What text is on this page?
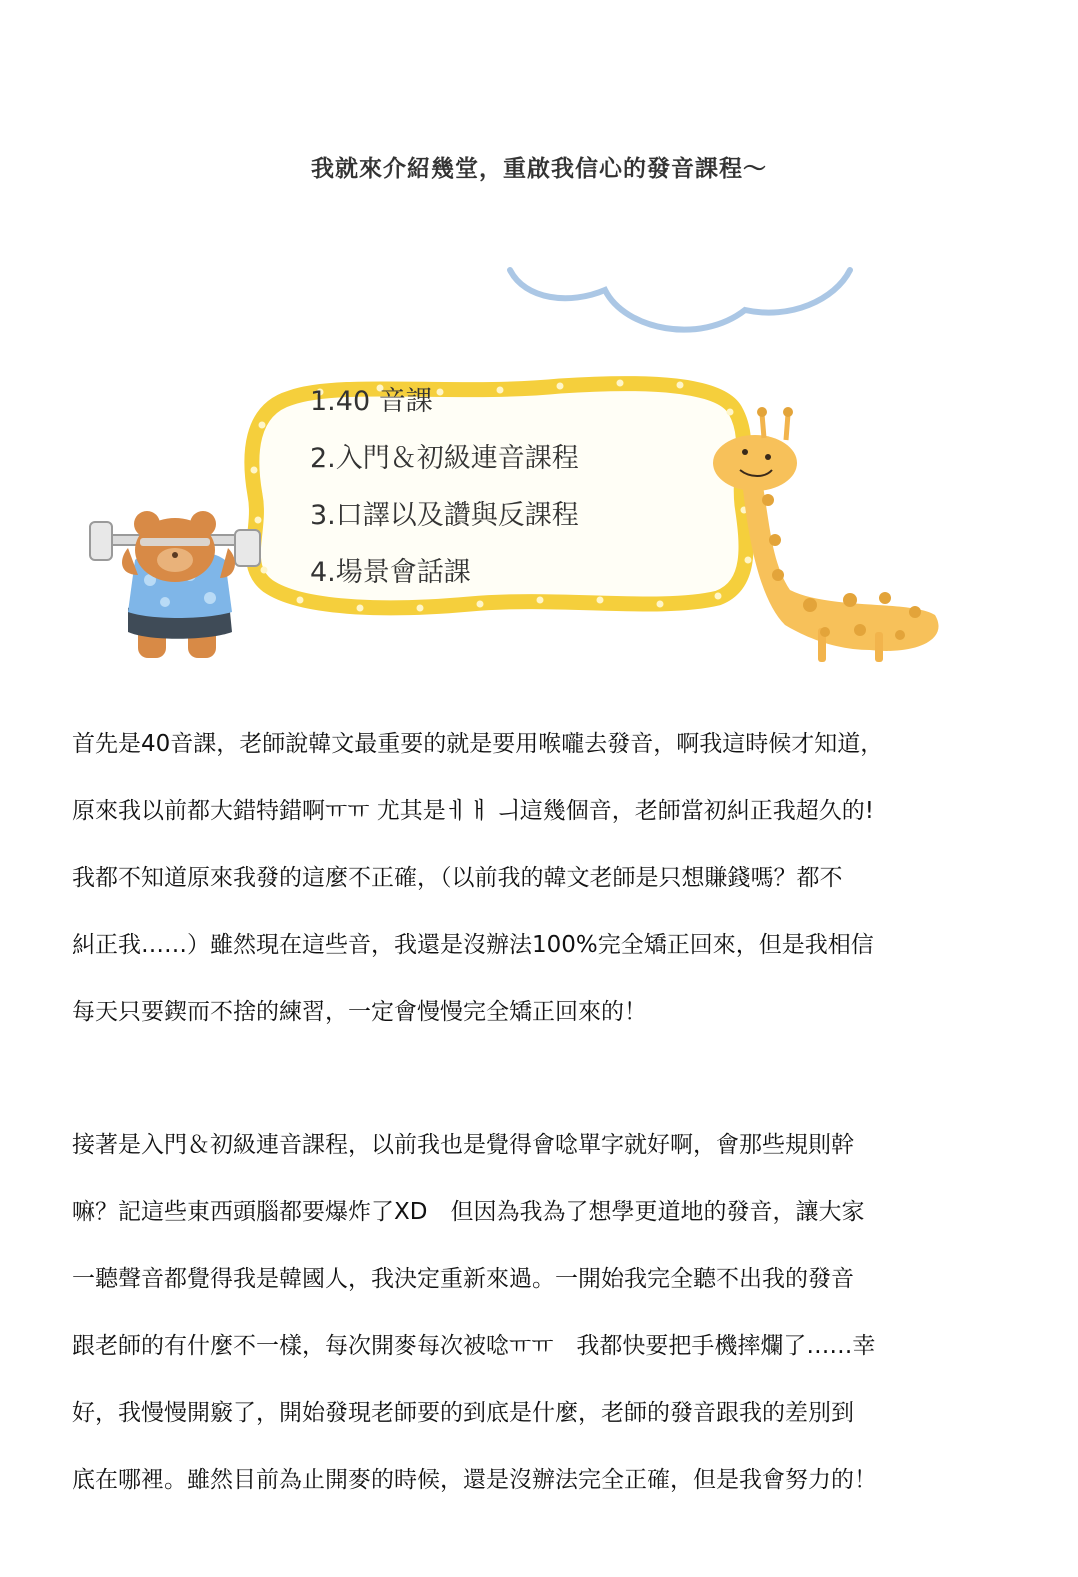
我就來介紹幾堂，重啟我信心的發音課程～
1.40 音課
2.入門＆初級連音課程
3.口譯以及讚與反課程
4.場景會話課

首先是40音課，老師說韓文最重要的就是要用喉嚨去發音，啊我這時候才知道，
原來我以前都大錯特錯啊ㅠㅠ 尤其是ㅔㅐ ㅢ這幾個音，老師當初糾正我超久的!
我都不知道原來我發的這麼不正確，（以前我的韓文老師是只想賺錢嗎？都不
糾正我……）雖然現在這些音，我還是沒辦法100%完全矯正回來，但是我相信
每天只要鍥而不捨的練習，一定會慢慢完全矯正回來的！

接著是入門＆初級連音課程，以前我也是覺得會唸單字就好啊，會那些規則幹
嘛？記這些東西頭腦都要爆炸了XD　但因為我為了想學更道地的發音，讓大家
一聽聲音都覺得我是韓國人，我決定重新來過。一開始我完全聽不出我的發音
跟老師的有什麼不一樣，每次開麥每次被唸ㅠㅠ　我都快要把手機摔爛了……幸
好，我慢慢開竅了，開始發現老師要的到底是什麼，老師的發音跟我的差別到
底在哪裡。雖然目前為止開麥的時候，還是沒辦法完全正確，但是我會努力的！
